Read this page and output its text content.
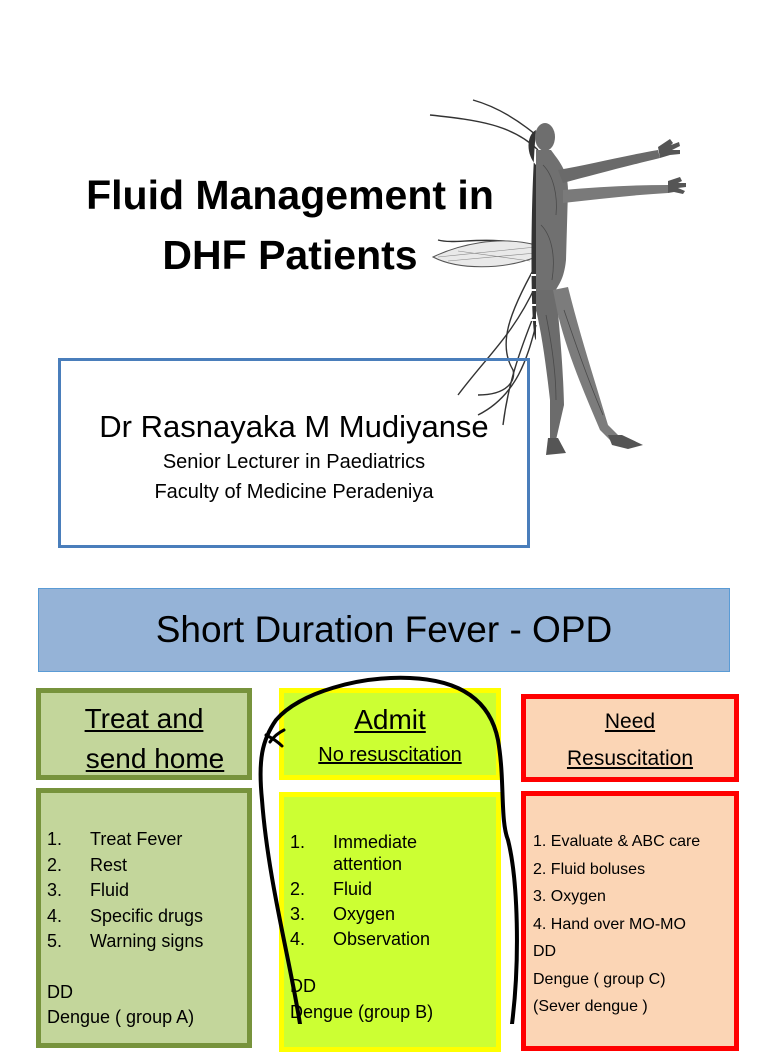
Fluid Management in
DHF Patients
Dr Rasnayaka M Mudiyanse
Senior Lecturer in Paediatrics
Faculty of Medicine Peradeniya
Short Duration Fever - OPD
Treat and
send home
Admit
No resuscitation
Need
Resuscitation
1.	Treat Fever
2.	Rest
3.	Fluid
4.	Specific drugs
5.	Warning signs
DD
Dengue ( group A)
1.	Immediate attention
2.	Fluid
3.	Oxygen
4.	Observation
DD
Dengue (group B)
1. Evaluate & ABC care
2. Fluid boluses
3. Oxygen
4. Hand over MO-MO
DD
Dengue ( group C)
(Sever dengue )
